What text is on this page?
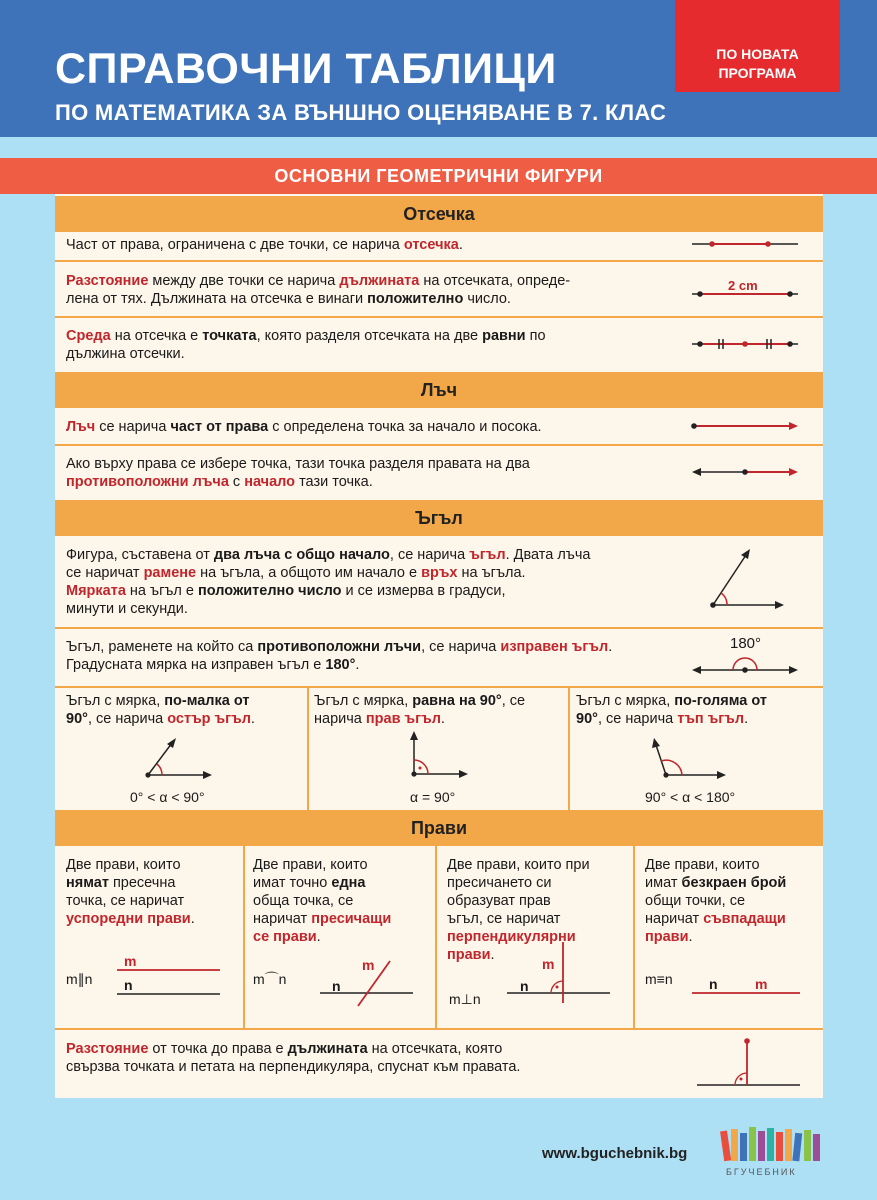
СПРАВОЧНИ ТАБЛИЦИ
ПО МАТЕМАТИКА ЗА ВЪНШНО ОЦЕНЯВАНЕ В 7. КЛАС
ПО НОВАТА
ПРОГРАМА
ОСНОВНИ ГЕОМЕТРИЧНИ ФИГУРИ
Отсечка
Част от права, ограничена с две точки, се нарича отсечка.
Разстояние между две точки се нарича дължината на отсечката, опреде-
лена от тях. Дължината на отсечка е винаги положително число.
2 cm
Среда на отсечка е точката, която разделя отсечката на две равни по
дължина отсечки.
Лъч
Лъч се нарича част от права с определена точка за начало и посока.
Ако върху права се избере точка, тази точка разделя правата на два
противоположни лъча с начало тази точка.
Ъгъл
Фигура, съставена от два лъча с общо начало, се нарича ъгъл. Двата лъча
се наричат рамене на ъгъла, а общото им начало е връх на ъгъла.
Мярката на ъгъл е положително число и се измерва в градуси,
минути и секунди.
Ъгъл, раменете на който са противоположни лъчи, се нарича изправен ъгъл.
Градусната мярка на изправен ъгъл е 180°.
180°
Ъгъл с мярка, по-малка от
90°, се нарича остър ъгъл.
0° < α < 90°
Ъгъл с мярка, равна на 90°, се
нарича прав ъгъл.
α = 90°
Ъгъл с мярка, по-голяма от
90°, се нарича тъп ъгъл.
90° < α < 180°
Прави
Две прави, които
нямат пресечна
точка, се наричат
успоредни прави.
m∥n
m
n
Две прави, които
имат точно една
обща точка, се
наричат пресичащи
се прави.
m⌒n
m
n
Две прави, които при
пресичането си
образуват прав
ъгъл, се наричат
перпендикулярни
прави.
m⊥n
m
n
Две прави, които
имат безкраен брой
общи точки, се
наричат съвпадащи
прави.
m≡n	n	m
Разстояние от точка до права е дължината на отсечката, която
свързва точката и петата на перпендикуляра, спуснат към правата.
www.bguchebnik.bg
БГУЧЕБНИК
